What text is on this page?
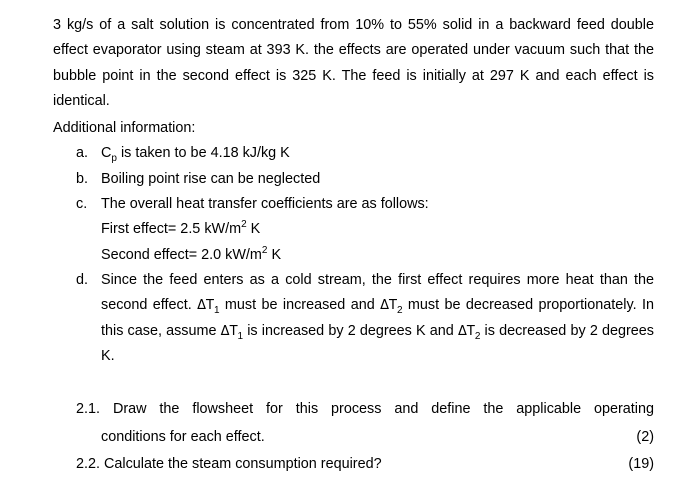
3 kg/s of a salt solution is concentrated from 10% to 55% solid in a backward feed double effect evaporator using steam at 393 K. the effects are operated under vacuum such that the bubble point in the second effect is 325 K. The feed is initially at 297 K and each effect is identical.

Additional information:

a. $C_p$ is taken to be 4.18 kJ/kg K

b. Boiling point rise can be neglected

c. The overall heat transfer coefficients are as follows:

First effect= 2.5 $kW/m^2$ K

Second effect= 2.0 $kW/m^2$ K

d. Since the feed enters as a cold stream, the first effect requires more heat than the second effect. $\Delta T_1$ must be increased and $\Delta T_2$ must be decreased proportionately. In this case, assume $\Delta T_1$ is increased by 2 degrees K and $\Delta T_2$ is decreased by 2 degrees K.
2.1. Draw the flowsheet for this process and define the applicable operating
conditions for each effect.	(2)
2.2. Calculate the steam consumption required?	(19)
